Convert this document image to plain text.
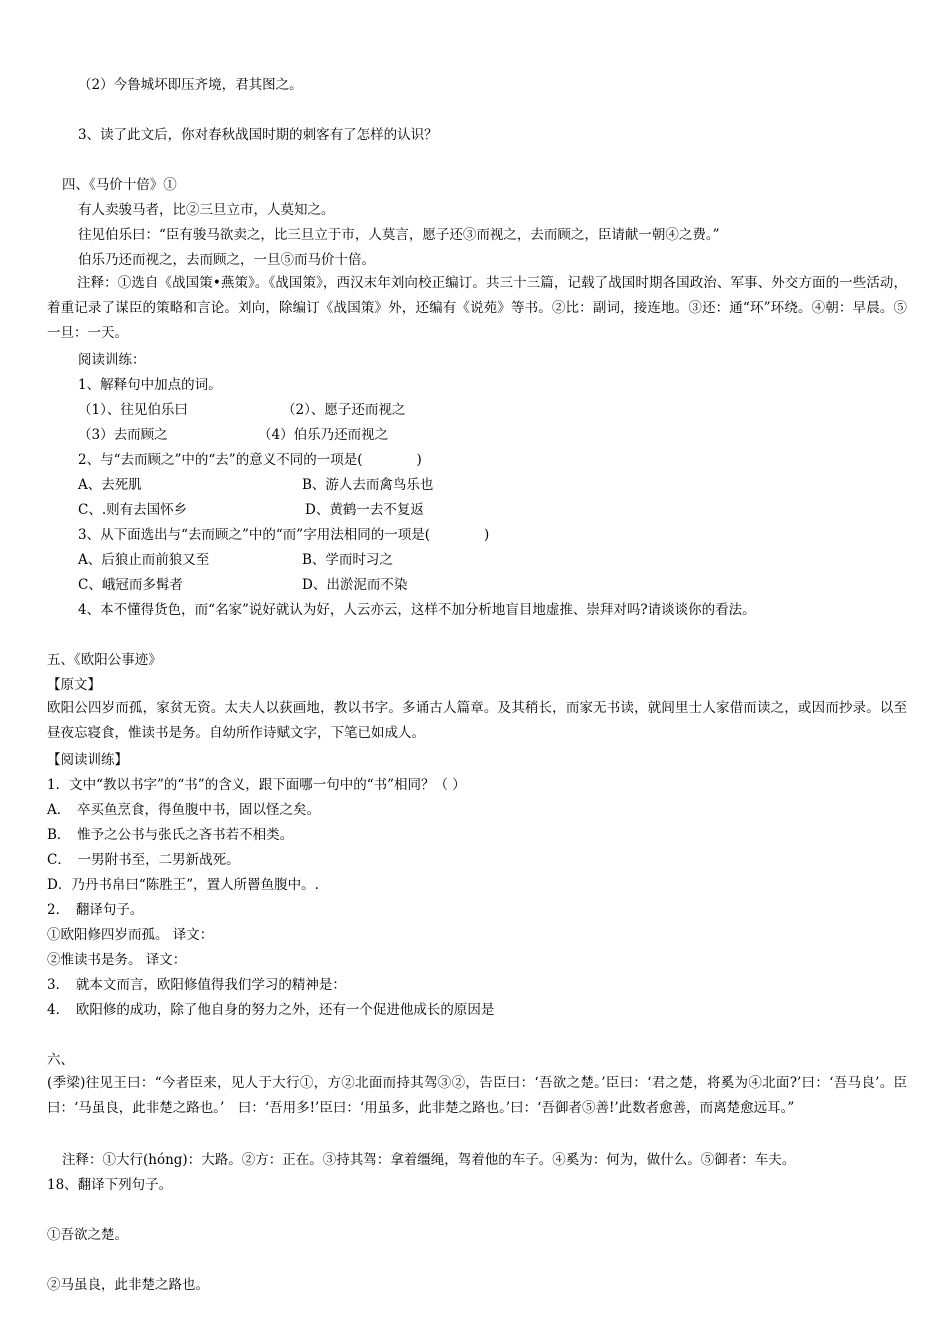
（2）今鲁城坏即压齐境，君其图之。
3、读了此文后，你对春秋战国时期的刺客有了怎样的认识？
四、《马价十倍》①
有人卖骏马者，比②三旦立市，人莫知之。
往见伯乐曰：“臣有骏马欲卖之，比三旦立于市，人莫言，愿子还③而视之，去而顾之，臣请献一朝④之费。”
伯乐乃还而视之，去而顾之，一旦⑤而马价十倍。
注释：①选自《战国策•燕策》。《战国策》，西汉末年刘向校正编订。共三十三篇，记载了战国时期各国政治、军事、外交方面的一些活动，着重记录了谋臣的策略和言论。刘向，除编订《战国策》外，还编有《说苑》等书。②比：副词，接连地。③还：通“环”环绕。④朝：早晨。⑤一旦：一天。
阅读训练：
1、解释句中加点的词。
（1）、往见伯乐曰	（2）、愿子还而视之
（3）去而顾之	（4）伯乐乃还而视之
2、与“去而顾之”中的“去”的意义不同的一项是(　　　　)
A、去死肌	B、游人去而禽鸟乐也
C、.则有去国怀乡	D、黄鹤一去不复返
3、从下面选出与“去而顾之”中的“而”字用法相同的一项是(　　　　)
A、后狼止而前狼又至	B、学而时习之
C、峨冠而多髯者	D、出淤泥而不染
4、本不懂得货色，而“名家”说好就认为好，人云亦云，这样不加分析地盲目地虚推、崇拜对吗?请谈谈你的看法。
五、《欧阳公事迹》
【原文】
欧阳公四岁而孤，家贫无资。太夫人以荻画地，教以书字。多诵古人篇章。及其稍长，而家无书读，就闾里士人家借而读之，或因而抄录。以至昼夜忘寝食，惟读书是务。自幼所作诗赋文字，下笔已如成人。
【阅读训练】
1．文中“教以书字”的“书”的含义，跟下面哪一句中的“书”相同？（ ）
A．　卒买鱼烹食，得鱼腹中书，固以怪之矣。
B．　惟予之公书与张氏之吝书若不相类。
C．　一男附书至，二男新战死。
D．乃丹书帛曰“陈胜王”，置人所罾鱼腹中。.
2．　翻译句子。
①欧阳修四岁而孤。 译文：
②惟读书是务。 译文：
3．　就本文而言，欧阳修值得我们学习的精神是：
4．　欧阳修的成功，除了他自身的努力之外，还有一个促进他成长的原因是
六、
(季梁)往见王曰：“今者臣来，见人于大行①，方②北面而持其驾③②，告臣曰：‘吾欲之楚。’臣曰：‘君之楚，将奚为④北面?’曰：‘吾马良’。臣曰：‘马虽良，此非楚之路也。’　曰：‘吾用多!’臣曰：‘用虽多，此非楚之路也。’曰：‘吾御者⑤善!’此数者愈善，而离楚愈远耳。”
注释：①大行(hóng)：大路。②方：正在。③持其驾：拿着缰绳，驾着他的车子。④奚为：何为，做什么。⑤御者：车夫。
18、翻译下列句子。
①吾欲之楚。
②马虽良，此非楚之路也。
